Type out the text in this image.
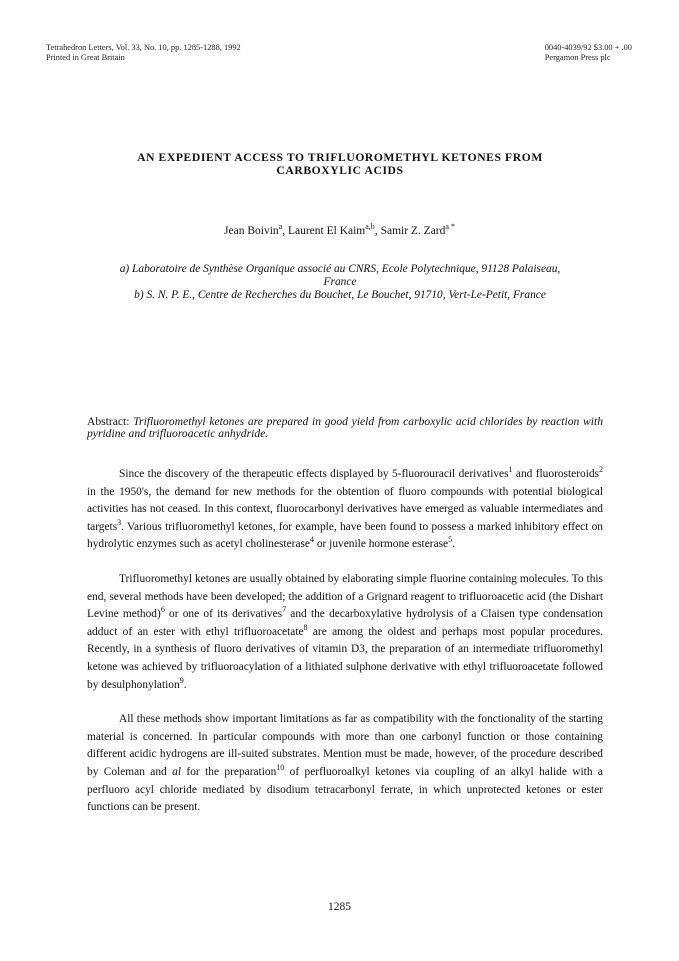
Tetrahedron Letters, Vol. 33, No. 10, pp. 1285-1288, 1992
Printed in Great Britain
0040-4039/92 $3.00 + .00
Pergamon Press plc
AN EXPEDIENT ACCESS TO TRIFLUOROMETHYL KETONES FROM
CARBOXYLIC ACIDS
Jean Boivin$^a$, Laurent El Kaim$^{a,b}$, Samir Z. Zard$^{a *}$

a) Laboratoire de Synthèse Organique associé au CNRS, Ecole Polytechnique, 91128 Palaiseau,

France

b) S. N. P. E., Centre de Recherches du Bouchet, Le Bouchet, 91710, Vert-Le-Petit, France

Abstract: Trifluoromethyl ketones are prepared in good yield from carboxylic acid chlorides by reaction with pyridine and trifluoroacetic anhydride.

Since the discovery of the therapeutic effects displayed by 5-fluorouracil derivatives$^1$ and fluorosteroids$^2$ in the 1950's, the demand for new methods for the obtention of fluoro compounds with potential biological activities has not ceased. In this context, fluorocarbonyl derivatives have emerged as valuable intermediates and targets$^3$. Various trifluoromethyl ketones, for example, have been found to possess a marked inhibitory effect on hydrolytic enzymes such as acetyl cholinesterase$^4$ or juvenile hormone esterase$^5$.

Trifluoromethyl ketones are usually obtained by elaborating simple fluorine containing molecules. To this end, several methods have been developed; the addition of a Grignard reagent to trifluoroacetic acid (the Dishart Levine method)$^6$ or one of its derivatives$^7$ and the decarboxylative hydrolysis of a Claisen type condensation adduct of an ester with ethyl trifluoroacetate$^8$ are among the oldest and perhaps most popular procedures. Recently, in a synthesis of fluoro derivatives of vitamin D3, the preparation of an intermediate trifluoromethyl ketone was achieved by trifluoroacylation of a lithiated sulphone derivative with ethyl trifluoroacetate followed by desulphonylation$^9$.

All these methods show important limitations as far as compatibility with the fonctionality of the starting material is concerned. In particular compounds with more than one carbonyl function or those containing different acidic hydrogens are ill-suited substrates. Mention must be made, however, of the procedure described by Coleman and al for the preparation$^{10}$ of perfluoroalkyl ketones via coupling of an alkyl halide with a perfluoro acyl chloride mediated by disodium tetracarbonyl ferrate, in which unprotected ketones or ester functions can be present.

1285
